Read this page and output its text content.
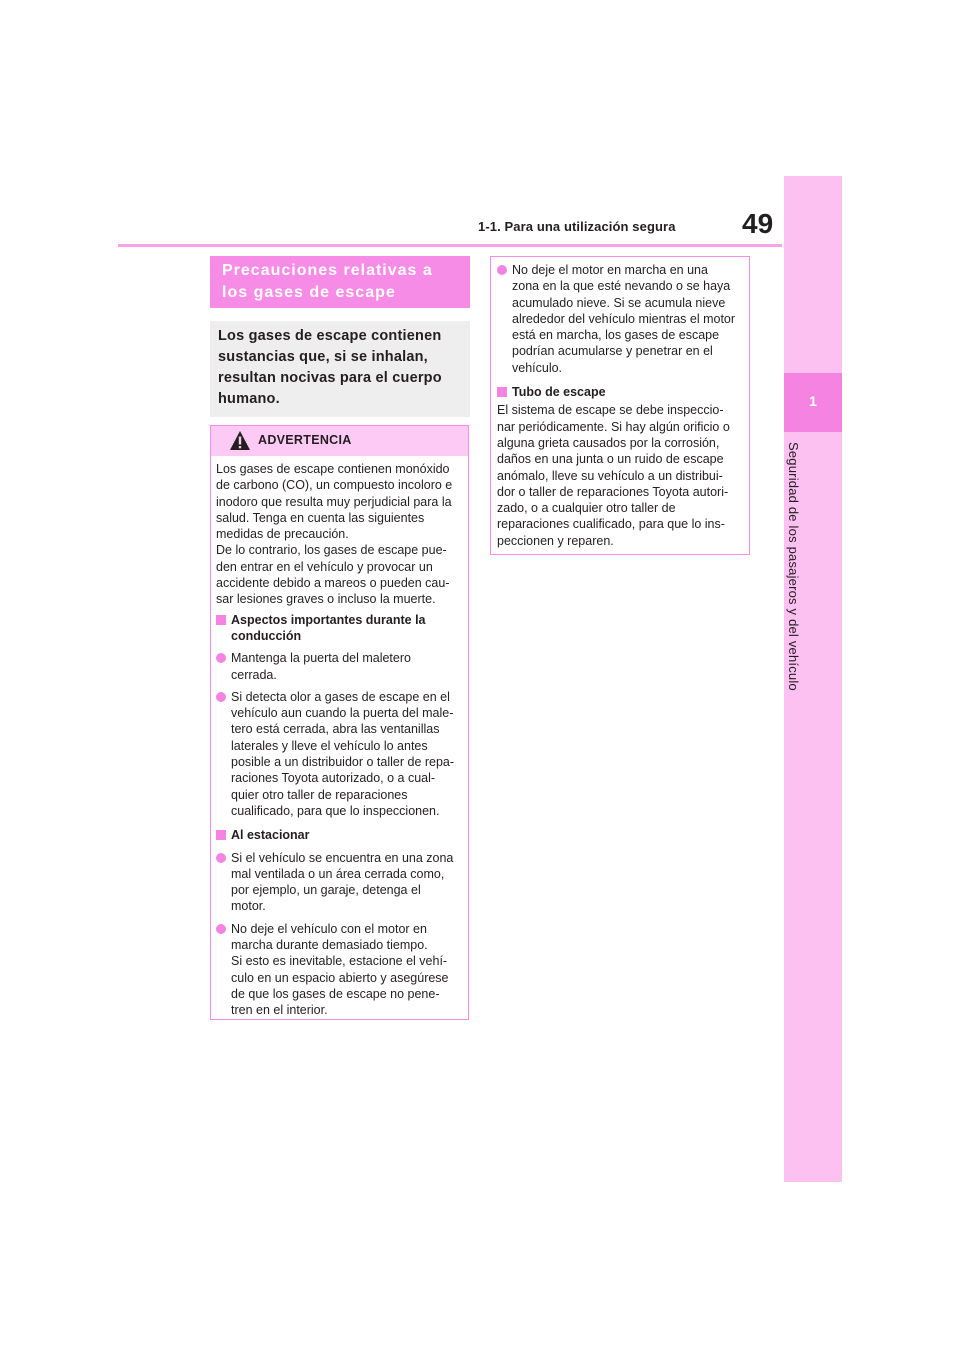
1-1. Para una utilización segura 49
1
Seguridad de los pasajeros y del vehículo
Precauciones relativas a
los gases de escape
Los gases de escape contienen
sustancias que, si se inhalan,
resultan nocivas para el cuerpo
humano.
ADVERTENCIA

Los gases de escape contienen monóxido
de carbono (CO), un compuesto incoloro e
inodoro que resulta muy perjudicial para la
salud. Tenga en cuenta las siguientes
medidas de precaución.
De lo contrario, los gases de escape pue-
den entrar en el vehículo y provocar un
accidente debido a mareos o pueden cau-
sar lesiones graves o incluso la muerte.

Aspectos importantes durante la
conducción
Mantenga la puerta del maletero
cerrada.
Si detecta olor a gases de escape en el
vehículo aun cuando la puerta del male-
tero está cerrada, abra las ventanillas
laterales y lleve el vehículo lo antes
posible a un distribuidor o taller de repa-
raciones Toyota autorizado, o a cual-
quier otro taller de reparaciones
cualificado, para que lo inspeccionen.
Al estacionar
Si el vehículo se encuentra en una zona
mal ventilada o un área cerrada como,
por ejemplo, un garaje, detenga el
motor.
No deje el vehículo con el motor en
marcha durante demasiado tiempo.
Si esto es inevitable, estacione el vehí-
culo en un espacio abierto y asegúrese
de que los gases de escape no pene-
tren en el interior.
No deje el motor en marcha en una
zona en la que esté nevando o se haya
acumulado nieve. Si se acumula nieve
alrededor del vehículo mientras el motor
está en marcha, los gases de escape
podrían acumularse y penetrar en el
vehículo.
Tubo de escape

El sistema de escape se debe inspeccio-
nar periódicamente. Si hay algún orificio o
alguna grieta causados por la corrosión,
daños en una junta o un ruido de escape
anómalo, lleve su vehículo a un distribui-
dor o taller de reparaciones Toyota autori-
zado, o a cualquier otro taller de
reparaciones cualificado, para que lo ins-
peccionen y reparen.
